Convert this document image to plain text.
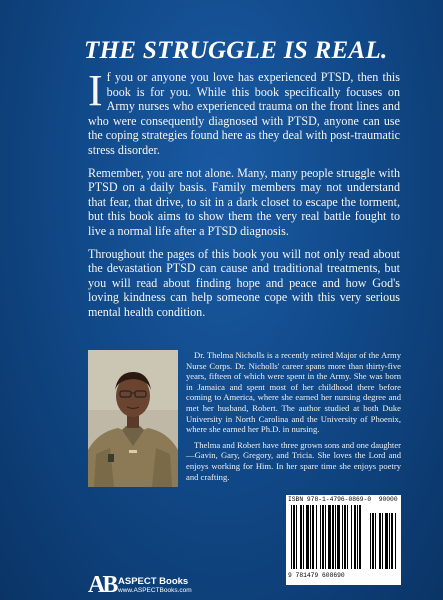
THE STRUGGLE IS REAL.

If you or anyone you love has experienced PTSD, then this book is for you. While this book specifically focuses on Army nurses who experienced trauma on the front lines and who were consequently diagnosed with PTSD, anyone can use the coping strategies found here as they deal with post-traumatic stress disorder.

Remember, you are not alone. Many, many people struggle with PTSD on a daily basis. Family members may not understand that fear, that drive, to sit in a dark closet to escape the torment, but this book aims to show them the very real battle fought to live a normal life after a PTSD diagnosis.

Throughout the pages of this book you will not only read about the devastation PTSD can cause and traditional treatments, but you will read about finding hope and peace and how God's loving kindness can help someone cope with this very serious mental health condition.

Dr. Thelma Nicholls is a recently retired Major of the Army Nurse Corps. Dr. Nicholls' career spans more than thirty-five years, fifteen of which were spent in the Army. She was born in Jamaica and spent most of her childhood there before coming to America, where she earned her nursing degree and met her husband, Robert. The author studied at both Duke University in North Carolina and the University of Phoenix, where she earned her Ph.D. in nursing.

Thelma and Robert have three grown sons and one daughter—Gavin, Gary, Gregory, and Tricia. She loves the Lord and enjoys working for Him. In her spare time she enjoys poetry and crafting.

ISBN 978-1-4796-0869-0 90000
9 781479 608690
AB ASPECT Books
www.ASPECTBooks.com
